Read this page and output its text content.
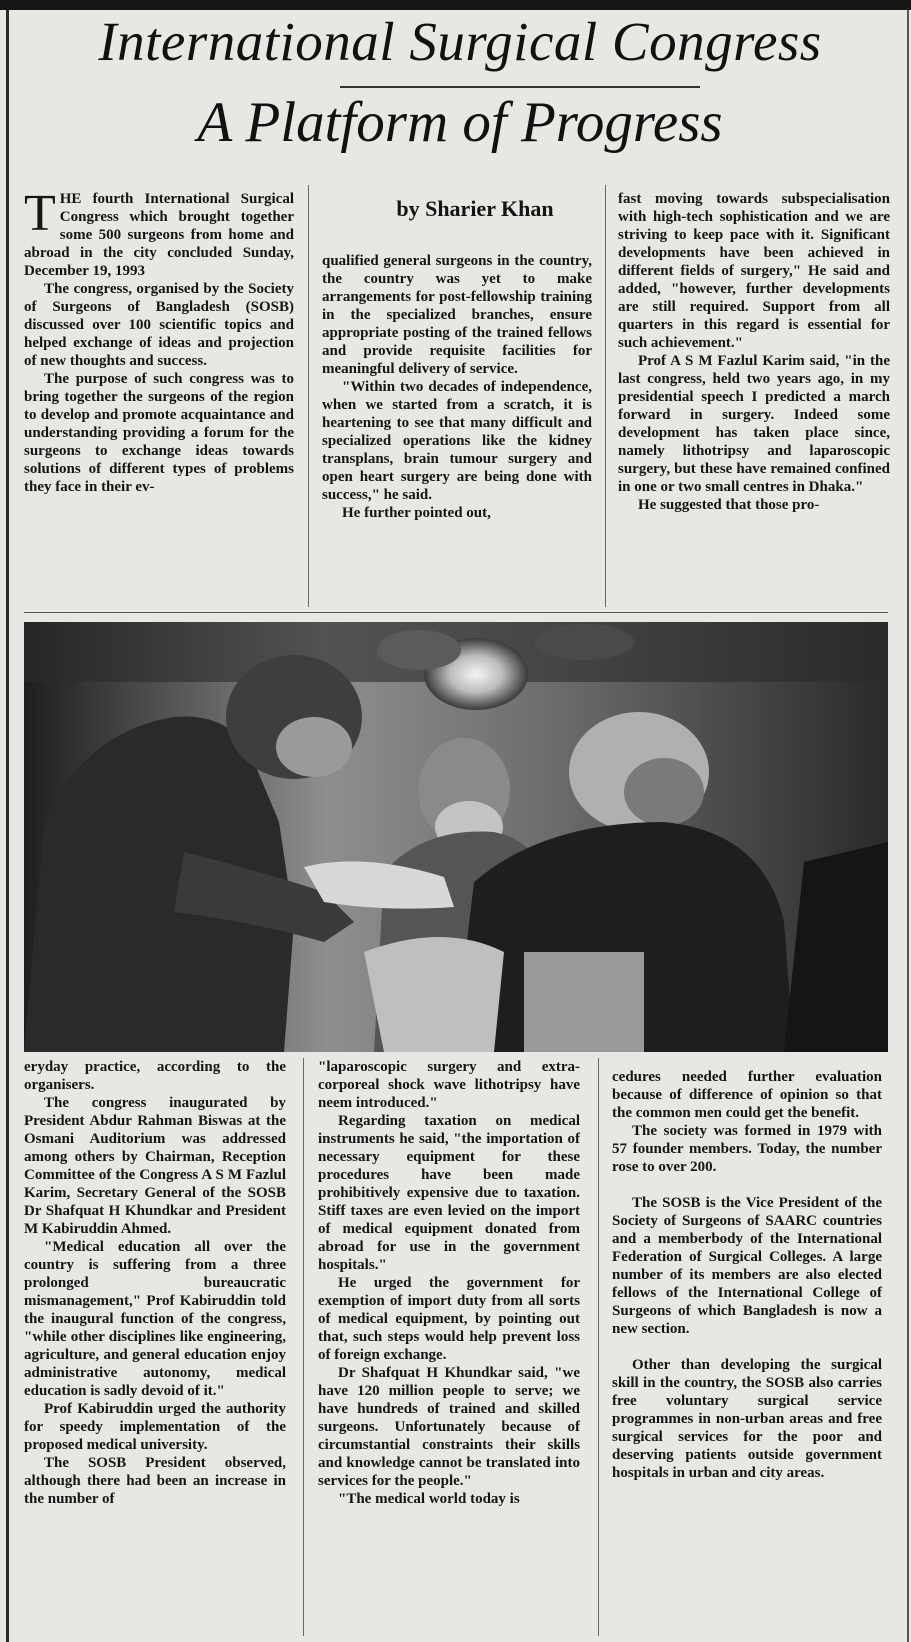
International Surgical Congress
A Platform of Progress
by Sharier Khan

THE fourth International Surgical Congress which brought together some 500 surgeons from home and abroad in the city concluded Sunday, December 19, 1993

The congress, organised by the Society of Surgeons of Bangladesh (SOSB) discussed over 100 scientific topics and helped exchange of ideas and projection of new thoughts and success.

The purpose of such congress was to bring together the surgeons of the region to develop and promote acquaintance and understanding providing a forum for the surgeons to exchange ideas towards solutions of different types of problems they face in their ev-

qualified general surgeons in the country, the country was yet to make arrangements for post-fellowship training in the specialized branches, ensure appropriate posting of the trained fellows and provide requisite facilities for meaningful delivery of service.

"Within two decades of independence, when we started from a scratch, it is heartening to see that many difficult and specialized operations like the kidney transplans, brain tumour surgery and open heart surgery are being done with success," he said.

He further pointed out,

fast moving towards subspecialisation with high-tech sophistication and we are striving to keep pace with it. Significant developments have been achieved in different fields of surgery," He said and added, "however, further developments are still required. Support from all quarters in this regard is essential for such achievement."

Prof A S M Fazlul Karim said, "in the last congress, held two years ago, in my presidential speech I predicted a march forward in surgery. Indeed some development has taken place since, namely lithotripsy and laparoscopic surgery, but these have remained confined in one or two small centres in Dhaka."

He suggested that those pro-

eryday practice, according to the organisers.

The congress inaugurated by President Abdur Rahman Biswas at the Osmani Auditorium was addressed among others by Chairman, Reception Committee of the Congress A S M Fazlul Karim, Secretary General of the SOSB Dr Shafquat H Khundkar and President M Kabiruddin Ahmed.

"Medical education all over the country is suffering from a three prolonged bureaucratic mismanagement," Prof Kabiruddin told the inaugural function of the congress, "while other disciplines like engineering, agriculture, and general education enjoy administrative autonomy, medical education is sadly devoid of it."

Prof Kabiruddin urged the authority for speedy implementation of the proposed medical university.

The SOSB President observed, although there had been an increase in the number of

"laparoscopic surgery and extra-corporeal shock wave lithotripsy have neem introduced."

Regarding taxation on medical instruments he said, "the importation of necessary equipment for these procedures have been made prohibitively expensive due to taxation. Stiff taxes are even levied on the import of medical equipment donated from abroad for use in the government hospitals."

He urged the government for exemption of import duty from all sorts of medical equipment, by pointing out that, such steps would help prevent loss of foreign exchange.

Dr Shafquat H Khundkar said, "we have 120 million people to serve; we have hundreds of trained and skilled surgeons. Unfortunately because of circumstantial constraints their skills and knowledge cannot be translated into services for the people."

"The medical world today is

cedures needed further evaluation because of difference of opinion so that the common men could get the benefit.

The society was formed in 1979 with 57 founder members. Today, the number rose to over 200.

The SOSB is the Vice President of the Society of Surgeons of SAARC countries and a memberbody of the International Federation of Surgical Colleges. A large number of its members are also elected fellows of the International College of Surgeons of which Bangladesh is now a new section.

Other than developing the surgical skill in the country, the SOSB also carries free voluntary surgical service programmes in non-urban areas and free surgical services for the poor and deserving patients outside government hospitals in urban and city areas.
